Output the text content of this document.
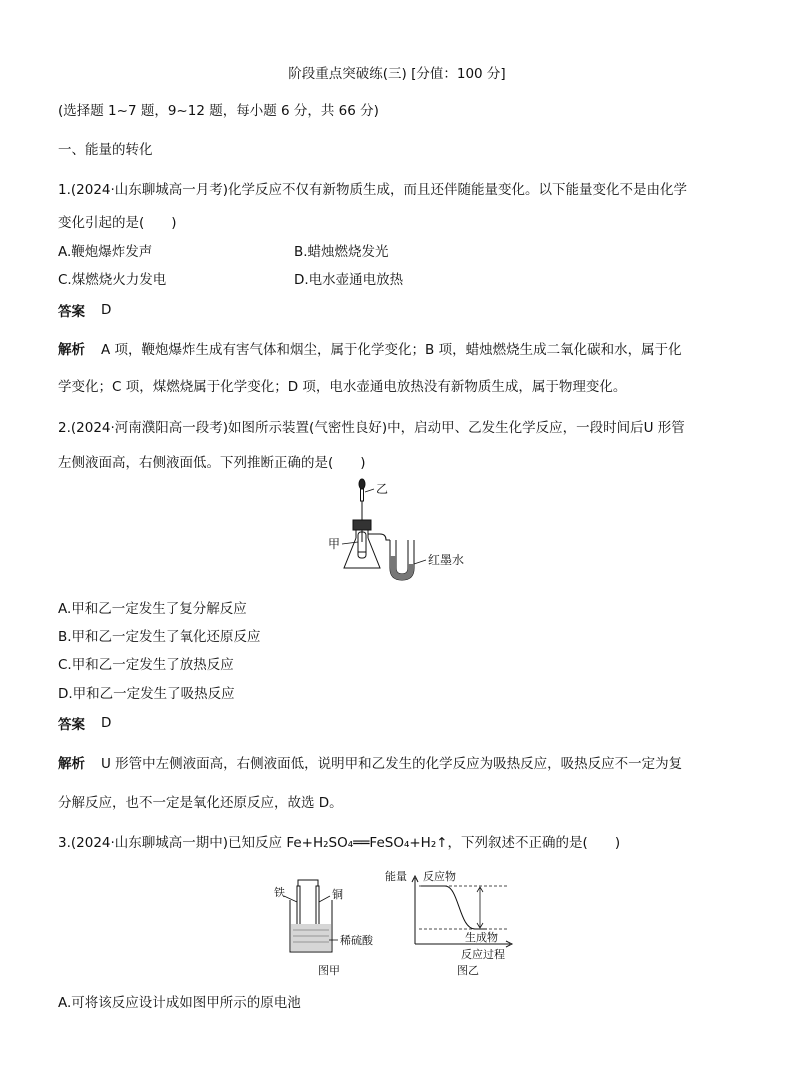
阶段重点突破练(三) [分值：100 分]
(选择题 1~7 题，9~12 题，每小题 6 分，共 66 分)
一、能量的转化
1.(2024·山东聊城高一月考)化学反应不仅有新物质生成，而且还伴随能量变化。以下能量变化不是由化学
变化引起的是(　　)
A.鞭炮爆炸发声	B.蜡烛燃烧发光
C.煤燃烧火力发电	D.电水壶通电放热
答案 D
解析 A 项，鞭炮爆炸生成有害气体和烟尘，属于化学变化；B 项，蜡烛燃烧生成二氧化碳和水，属于化
学变化；C 项，煤燃烧属于化学变化；D 项，电水壶通电放热没有新物质生成，属于物理变化。
2.(2024·河南濮阳高一段考)如图所示装置(气密性良好)中，启动甲、乙发生化学反应，一段时间后U 形管
左侧液面高，右侧液面低。下列推断正确的是(　　)
乙
甲
红墨水
A.甲和乙一定发生了复分解反应
B.甲和乙一定发生了氧化还原反应
C.甲和乙一定发生了放热反应
D.甲和乙一定发生了吸热反应
答案 D
解析 U 形管中左侧液面高，右侧液面低，说明甲和乙发生的化学反应为吸热反应，吸热反应不一定为复
分解反应，也不一定是氧化还原反应，故选 D。
3.(2024·山东聊城高一期中)已知反应 Fe+H₂SO₄══FeSO₄+H₂↑，下列叙述不正确的是(　　)
铁	铜
稀硫酸
图甲
能量 反应物
生成物
反应过程
图乙
A.可将该反应设计成如图甲所示的原电池
